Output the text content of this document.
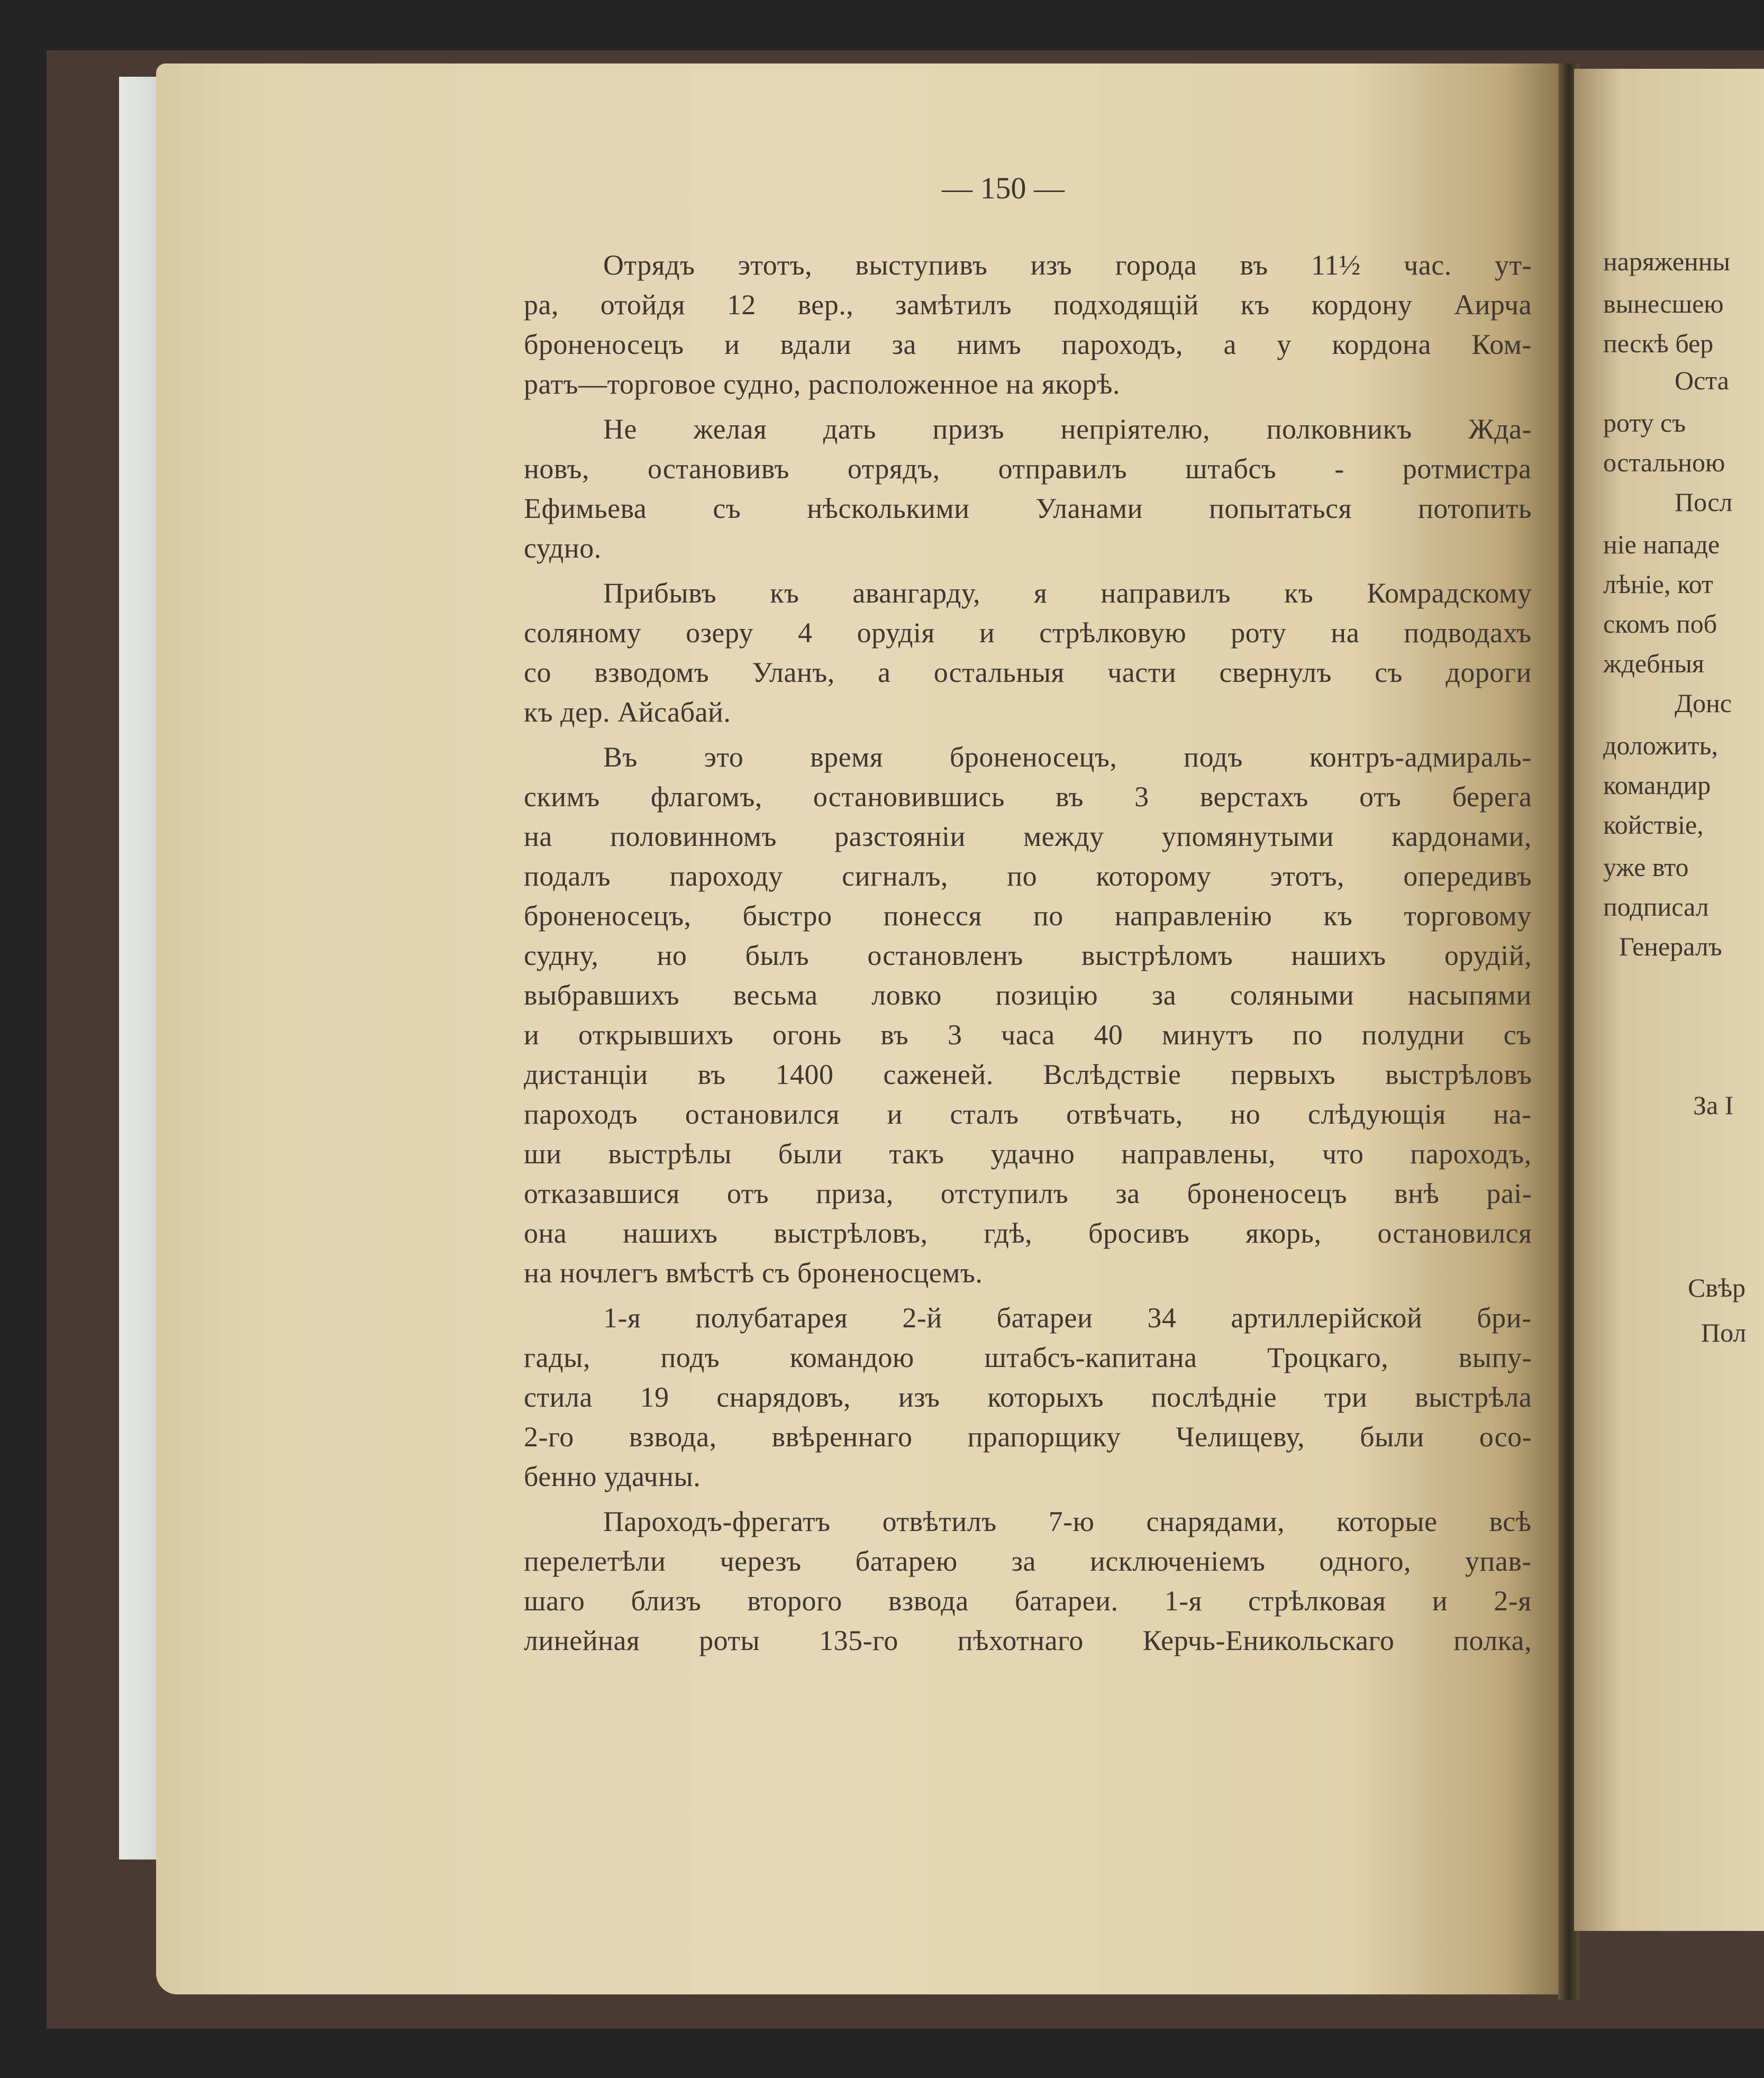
— 150 —
Отрядъ этотъ, выступивъ изъ города въ 11½ час. ут-
ра, отойдя 12 вер., замѣтилъ подходящій къ кордону Аирча
броненосецъ и вдали за нимъ пароходъ, а у кордона Ком-
ратъ—торговое судно, расположенное на якорѣ.
Не желая дать призъ непріятелю, полковникъ Жда-
новъ, остановивъ отрядъ, отправилъ штабсъ - ротмистра
Ефимьева съ нѣсколькими Уланами попытаться потопить
судно.
Прибывъ къ авангарду, я направилъ къ Комрадскому
соляному озеру 4 орудія и стрѣлковую роту на подводахъ
со взводомъ Уланъ, а остальныя части свернулъ съ дороги
къ дер. Айсабай.
Въ это время броненосецъ, подъ контръ-адмираль-
скимъ флагомъ, остановившись въ 3 верстахъ отъ берега
на половинномъ разстояніи между упомянутыми кардонами,
подалъ пароходу сигналъ, по которому этотъ, опередивъ
броненосецъ, быстро понесся по направленію къ торговому
судну, но былъ остановленъ выстрѣломъ нашихъ орудій,
выбравшихъ весьма ловко позицію за соляными насыпями
и открывшихъ огонь въ 3 часа 40 минутъ по полудни съ
дистанціи въ 1400 саженей. Вслѣдствіе первыхъ выстрѣловъ
пароходъ остановился и сталъ отвѣчать, но слѣдующія на-
ши выстрѣлы были такъ удачно направлены, что пароходъ,
отказавшися отъ приза, отступилъ за броненосецъ внѣ раі-
она нашихъ выстрѣловъ, гдѣ, бросивъ якорь, остановился
на ночлегъ вмѣстѣ съ броненосцемъ.
1-я полубатарея 2-й батареи 34 артиллерійской бри-
гады, подъ командою штабсъ-капитана Троцкаго, выпу-
стила 19 снарядовъ, изъ которыхъ послѣдніе три выстрѣла
2-го взвода, ввѣреннаго прапорщику Челищеву, были осо-
бенно удачны.
Пароходъ-фрегатъ отвѣтилъ 7-ю снарядами, которые всѣ
перелетѣли черезъ батарею за исключеніемъ одного, упав-
шаго близъ второго взвода батареи. 1-я стрѣлковая и 2-я
линейная роты 135-го пѣхотнаго Керчь-Еникольскаго полка,
наряженны
вынесшею
пескѣ бер
Оста
роту съ
остальною
Посл
ніе нападе
лѣніе, кот
скомъ поб
ждебныя
Донс
доложить,
командир
койствіе,
уже вто
подписал
Генералъ
За І
Свѣр
Пол
